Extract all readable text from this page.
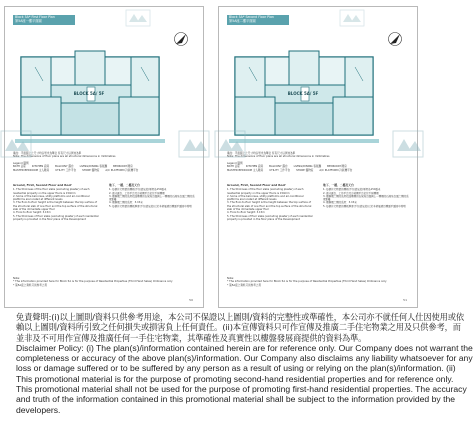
Block 5A* First Floor Plan
第5A座一樓平面圖
BLOCK 5A/ 5F
備註：平面圖上之尺寸均以毫米為單位 所有尺寸以實地為準
Note: The dimensions of floor plans are all structural dimensions in millimetres
Legend 圖例
BATH 浴室 KITCHEN 廚房 BALCONY 露台 LIVING/DINING 客飯廳 BEDROOM 睡房
MASTER BEDROOM 主人睡房 UTILITY 工作平台 STORE 儲物室 A/C PLATFORM 冷氣機平台
Ground, First, Second Floor and Roof
1. The thickness of the floor slabs (excluding plaster) of each residential property on the upper floors is 150mm
2. Some of the balconies, utility platforms and air-conditioner platforms are located at different levels
3. The floor-to-floor height is the height between the top surface of the structural slab of one floor and the top surface of the structural slab of the immediate upper floor
4. Floor-to-floor height: 3.15m
5. The thickness of floor slabs (excluding plaster) of each residential property is provided in the floor plans of the Development
地下、一樓、二樓及天台
1. 每個住宅物業的樓板(不包括灰泥)厚度為150毫米
2. 部分露台、工作平台及冷氣機平台位於不同樓層
3. 層與層之間的高度指該樓層的石屎地台面與上一樓層的石屎地台面之間的高度距離
4. 層與層之間的高度：3.15米
5. 每個住宅物業的樓板厚度(不包括灰泥)已於本發展項目樓面平面圖中列明
Note:
* The information provided here for Block 5A is for the purpose of Residential Properties (Third Hand Sales) Ordinance only
* 第5A座之資料只供參考之用
50
Block 5A* Second Floor Plan
第5A座二樓平面圖
BLOCK 5A/ 5F
備註：平面圖上之尺寸均以毫米為單位 所有尺寸以實地為準
Note: The dimensions of floor plans are all structural dimensions in millimetres
Legend 圖例
BATH 浴室 KITCHEN 廚房 BALCONY 露台 LIVING/DINING 客飯廳 BEDROOM 睡房
MASTER BEDROOM 主人睡房 UTILITY 工作平台 STORE 儲物室 A/C PLATFORM 冷氣機平台
Ground, First, Second Floor and Roof
1. The thickness of the floor slabs (excluding plaster) of each residential property on the upper floors is 150mm
2. Some of the balconies, utility platforms and air-conditioner platforms are located at different levels
3. The floor-to-floor height is the height between the top surface of the structural slab of one floor and the top surface of the structural slab of the immediate upper floor
4. Floor-to-floor height: 3.15m
5. The thickness of floor slabs (excluding plaster) of each residential property is provided in the floor plans of the Development
地下、一樓、二樓及天台
1. 每個住宅物業的樓板(不包括灰泥)厚度為150毫米
2. 部分露台、工作平台及冷氣機平台位於不同樓層
3. 層與層之間的高度指該樓層的石屎地台面與上一樓層的石屎地台面之間的高度距離
4. 層與層之間的高度：3.15米
5. 每個住宅物業的樓板厚度(不包括灰泥)已於本發展項目樓面平面圖中列明
Note:
* The information provided here for Block 5A is for the purpose of Residential Properties (Third Hand Sales) Ordinance only
* 第5A座之資料只供參考之用
51
免責聲明:(i)以上圖則/資料只供參考用途，本公司不保證以上圖則/資料的完整性或準確性，本公司亦不就任何人仕因使用或依
賴以上圖則/資料所引致之任何損失或損害負上任何責任。(ii)本宣傳資料只可作宣傳及推廣二手住宅物業之用及只供參考，而
並非及不可用作宣傳及推廣任何一手住宅物業，其準確性及真實性以樓盤發展商提供的資料為準。
Disclaimer Policy: (i) The plan(s)/information contained herein are for reference only. Our Company does not warrant the
completeness or accuracy of the above plan(s)/information. Our Company also disclaims any liability whatsoever for any
loss or damage suffered or to be suffered by any person as a result of using or relying on the plan(s)/information. (ii)
This promotional material is for the purpose of promoting second-hand residential properties and for reference only.
This promotional material shall not be used for the purpose of promoting first-hand residential properties. The accuracy
and truth of the information contained in this promotional material shall be subject to the information provided by the
developers.
